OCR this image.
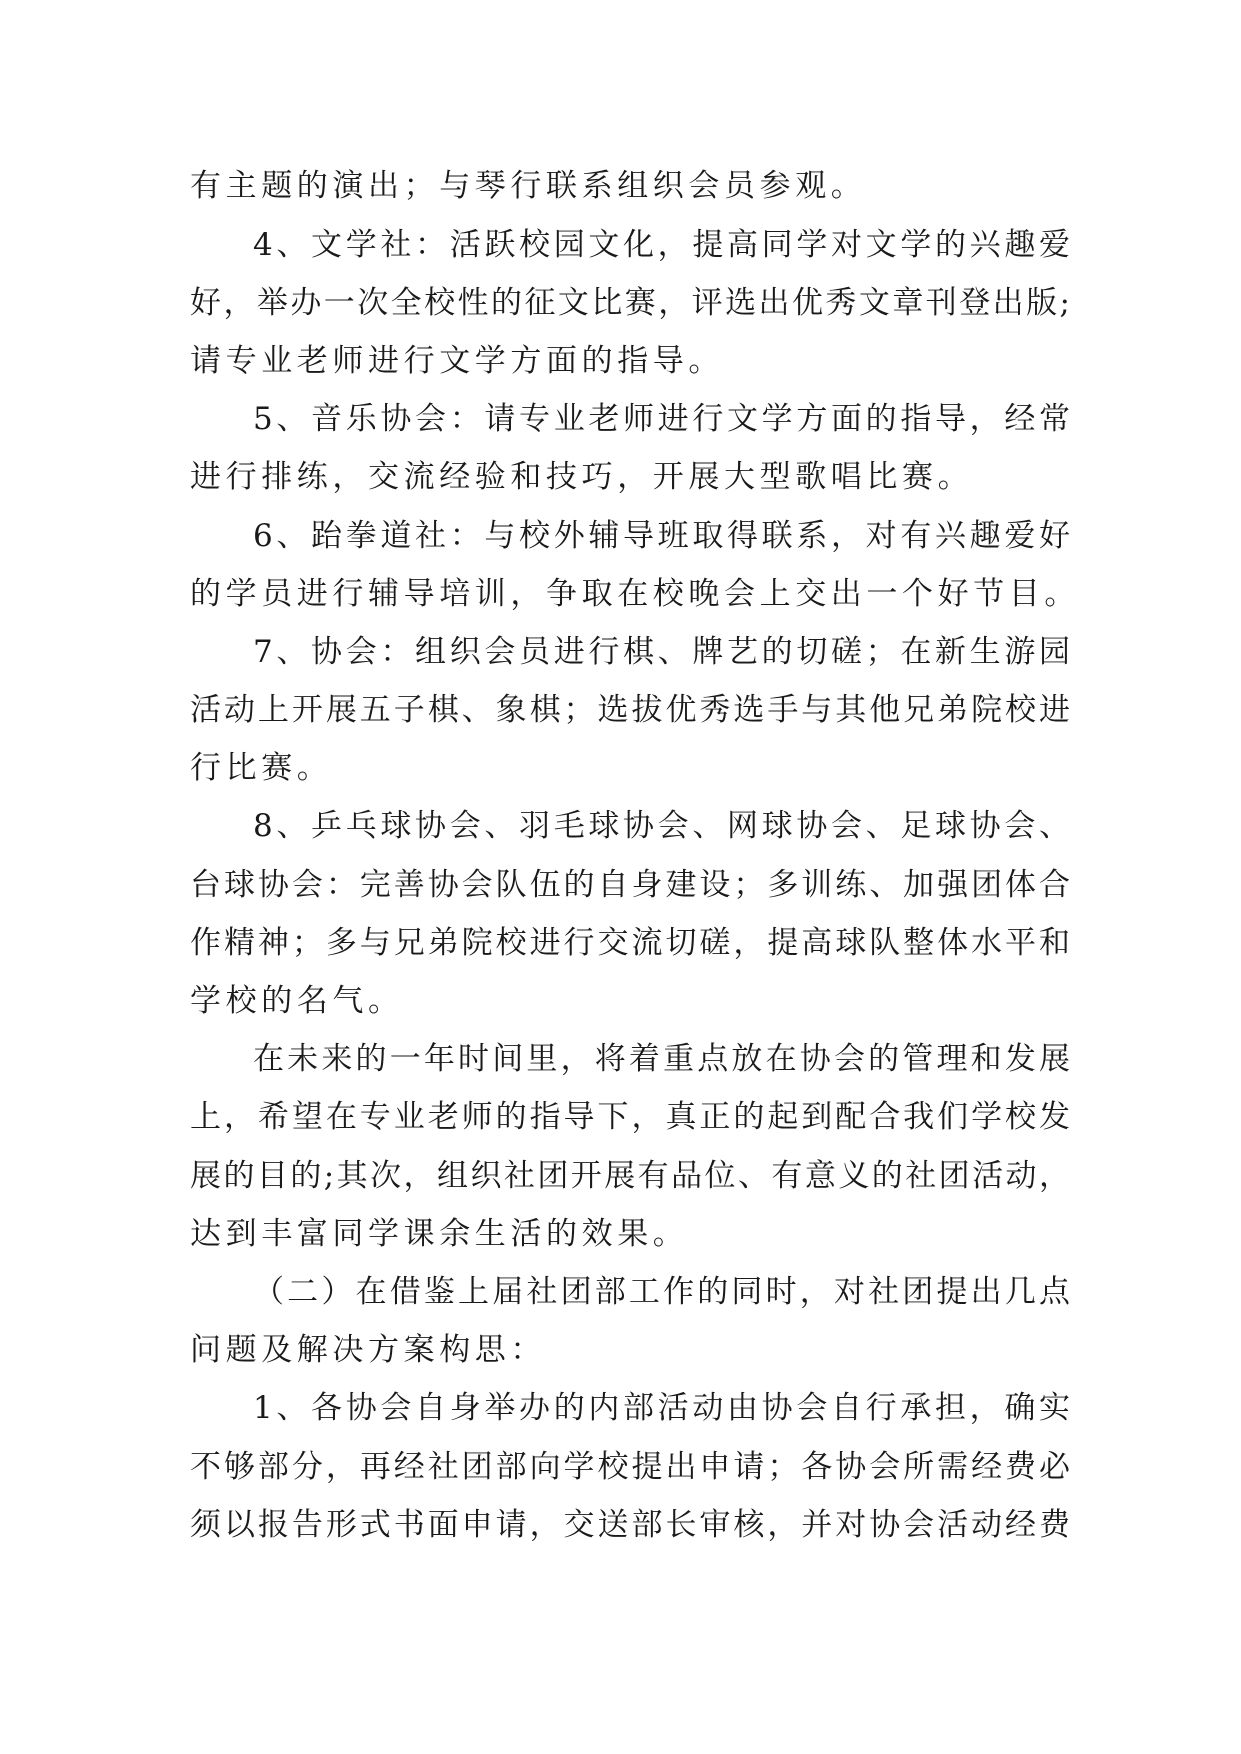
有主题的演出；与琴行联系组织会员参观。
4、文学社：活跃校园文化，提高同学对文学的兴趣爱
好，举办一次全校性的征文比赛，评选出优秀文章刊登出版;
请专业老师进行文学方面的指导。
5、音乐协会：请专业老师进行文学方面的指导，经常
进行排练，交流经验和技巧，开展大型歌唱比赛。
6、跆拳道社：与校外辅导班取得联系，对有兴趣爱好
的学员进行辅导培训，争取在校晚会上交出一个好节目。
7、协会：组织会员进行棋、牌艺的切磋；在新生游园
活动上开展五子棋、象棋；选拔优秀选手与其他兄弟院校进
行比赛。
8、乒乓球协会、羽毛球协会、网球协会、足球协会、
台球协会：完善协会队伍的自身建设；多训练、加强团体合
作精神；多与兄弟院校进行交流切磋，提高球队整体水平和
学校的名气。
在未来的一年时间里，将着重点放在协会的管理和发展
上，希望在专业老师的指导下，真正的起到配合我们学校发
展的目的;其次，组织社团开展有品位、有意义的社团活动，
达到丰富同学课余生活的效果。
（二）在借鉴上届社团部工作的同时，对社团提出几点
问题及解决方案构思：
1、各协会自身举办的内部活动由协会自行承担，确实
不够部分，再经社团部向学校提出申请；各协会所需经费必
须以报告形式书面申请，交送部长审核，并对协会活动经费
